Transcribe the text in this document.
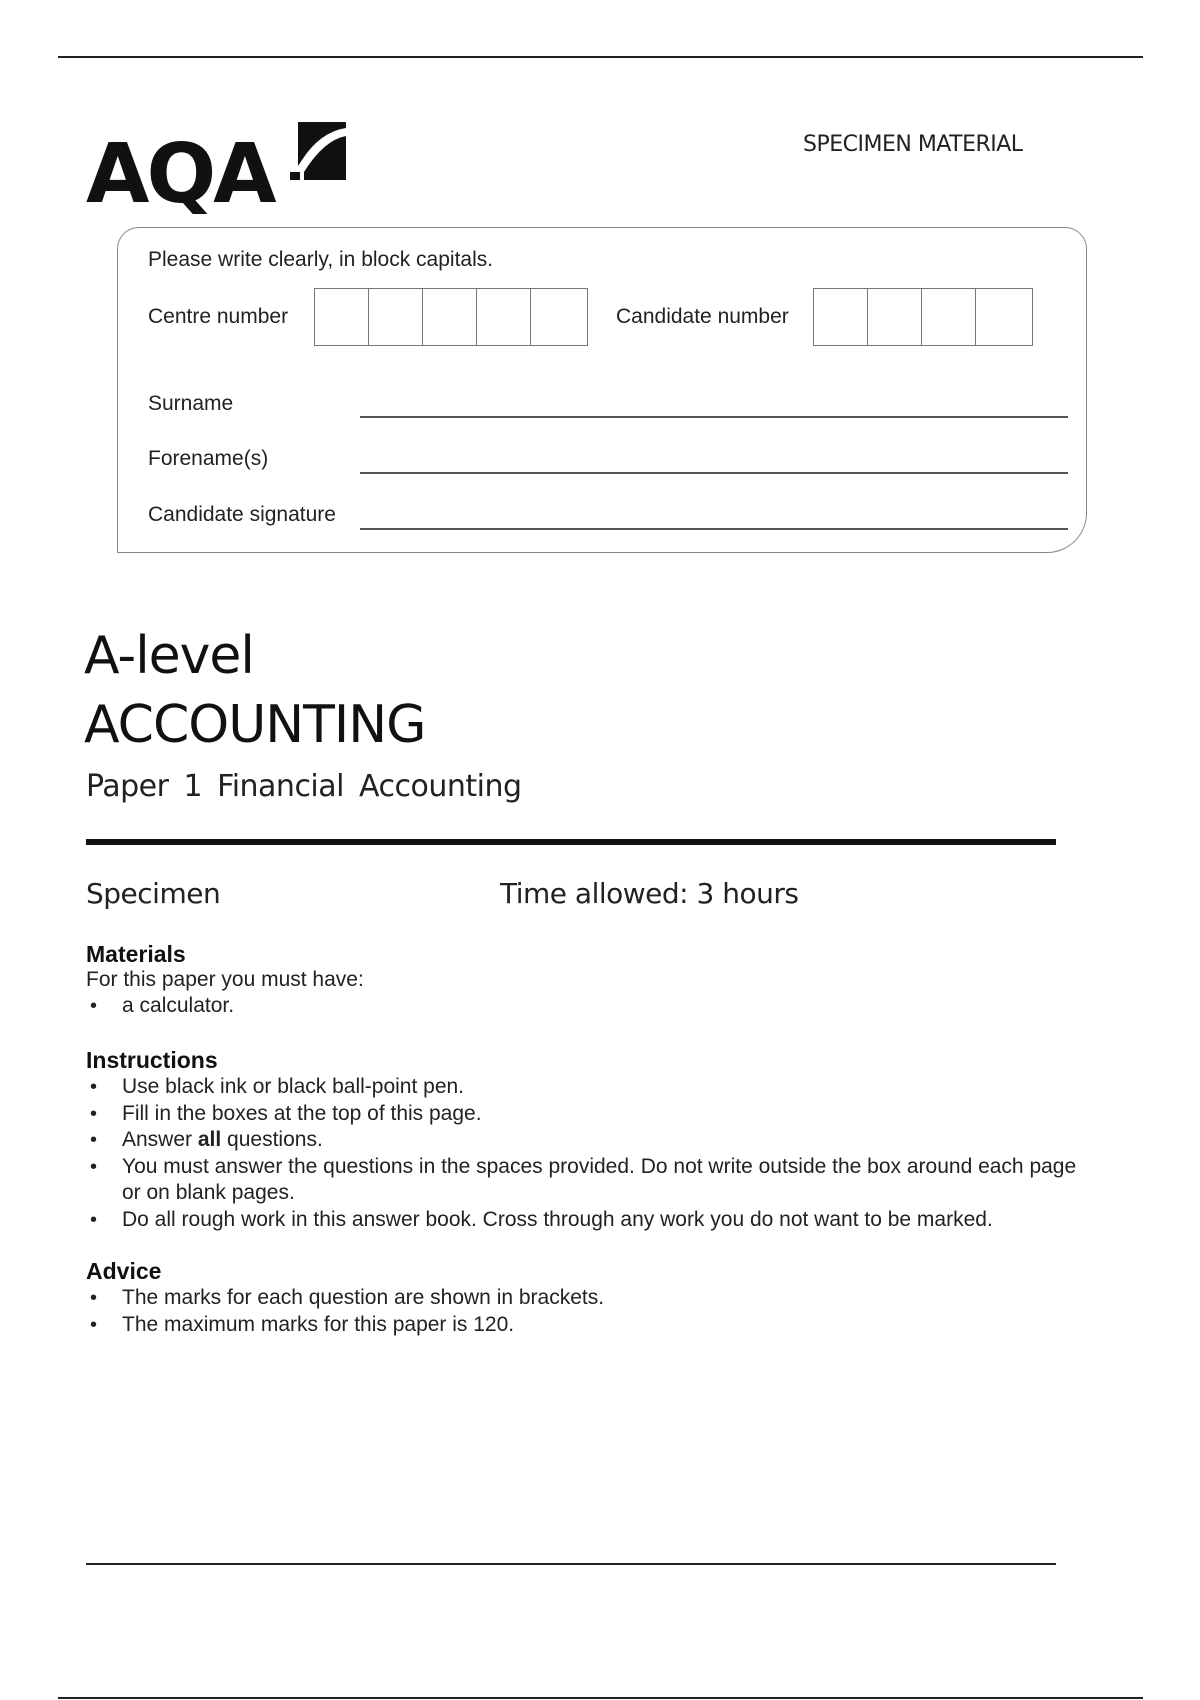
AQA	SPECIMEN MATERIAL
Please write clearly, in block capitals.
Centre number	Candidate number
Surname
Forename(s)
Candidate signature
A-level
ACCOUNTING
Paper 1 Financial Accounting
Specimen	Time allowed: 3 hours
Materials
For this paper you must have:
• a calculator.
Instructions
• Use black ink or black ball-point pen.
• Fill in the boxes at the top of this page.
• Answer all questions.
• You must answer the questions in the spaces provided. Do not write outside the box around each page or on blank pages.
• Do all rough work in this answer book. Cross through any work you do not want to be marked.
Advice
• The marks for each question are shown in brackets.
• The maximum marks for this paper is 120.
